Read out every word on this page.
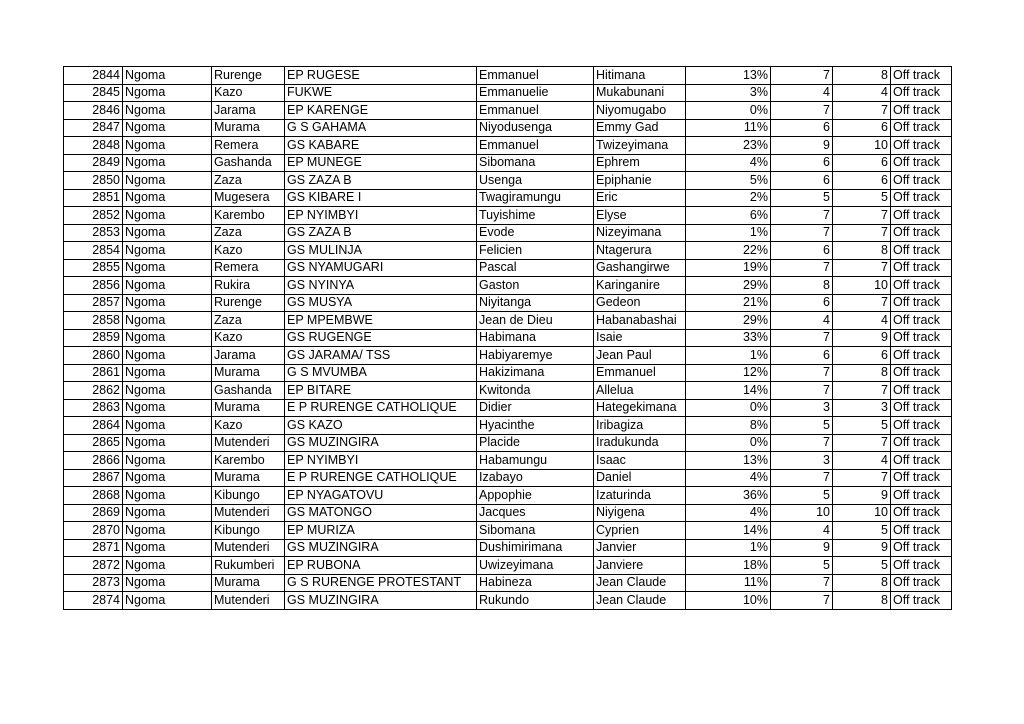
2844	Ngoma	Rurenge	EP RUGESE	Emmanuel	Hitimana	13%	7	8	Off track
2845	Ngoma	Kazo	FUKWE	Emmanuelie	Mukabunani	3%	4	4	Off track
2846	Ngoma	Jarama	EP KARENGE	Emmanuel	Niyomugabo	0%	7	7	Off track
2847	Ngoma	Murama	G S GAHAMA	Niyodusenga	Emmy Gad	11%	6	6	Off track
2848	Ngoma	Remera	GS KABARE	Emmanuel	Twizeyimana	23%	9	10	Off track
2849	Ngoma	Gashanda	EP MUNEGE	Sibomana	Ephrem	4%	6	6	Off track
2850	Ngoma	Zaza	GS ZAZA B	Usenga	Epiphanie	5%	6	6	Off track
2851	Ngoma	Mugesera	GS KIBARE I	Twagiramungu	Eric	2%	5	5	Off track
2852	Ngoma	Karembo	EP NYIMBYI	Tuyishime	Elyse	6%	7	7	Off track
2853	Ngoma	Zaza	GS ZAZA B	Evode	Nizeyimana	1%	7	7	Off track
2854	Ngoma	Kazo	GS MULINJA	Felicien	Ntagerura	22%	6	8	Off track
2855	Ngoma	Remera	GS NYAMUGARI	Pascal	Gashangirwe	19%	7	7	Off track
2856	Ngoma	Rukira	GS NYINYA	Gaston	Karinganire	29%	8	10	Off track
2857	Ngoma	Rurenge	GS MUSYA	Niyitanga	Gedeon	21%	6	7	Off track
2858	Ngoma	Zaza	EP MPEMBWE	Jean de Dieu	Habanabashai	29%	4	4	Off track
2859	Ngoma	Kazo	GS RUGENGE	Habimana	Isaie	33%	7	9	Off track
2860	Ngoma	Jarama	GS JARAMA/ TSS	Habiyaremye	Jean Paul	1%	6	6	Off track
2861	Ngoma	Murama	G S MVUMBA	Hakizimana	Emmanuel	12%	7	8	Off track
2862	Ngoma	Gashanda	EP BITARE	Kwitonda	Allelua	14%	7	7	Off track
2863	Ngoma	Murama	E P RURENGE CATHOLIQUE	Didier	Hategekimana	0%	3	3	Off track
2864	Ngoma	Kazo	GS KAZO	Hyacinthe	Iribagiza	8%	5	5	Off track
2865	Ngoma	Mutenderi	GS MUZINGIRA	Placide	Iradukunda	0%	7	7	Off track
2866	Ngoma	Karembo	EP NYIMBYI	Habamungu	Isaac	13%	3	4	Off track
2867	Ngoma	Murama	E P RURENGE CATHOLIQUE	Izabayo	Daniel	4%	7	7	Off track
2868	Ngoma	Kibungo	EP NYAGATOVU	Appophie	Izaturinda	36%	5	9	Off track
2869	Ngoma	Mutenderi	GS MATONGO	Jacques	Niyigena	4%	10	10	Off track
2870	Ngoma	Kibungo	EP MURIZA	Sibomana	Cyprien	14%	4	5	Off track
2871	Ngoma	Mutenderi	GS MUZINGIRA	Dushimirimana	Janvier	1%	9	9	Off track
2872	Ngoma	Rukumberi	EP RUBONA	Uwizeyimana	Janviere	18%	5	5	Off track
2873	Ngoma	Murama	G S RURENGE PROTESTANT	Habineza	Jean Claude	11%	7	8	Off track
2874	Ngoma	Mutenderi	GS MUZINGIRA	Rukundo	Jean Claude	10%	7	8	Off track
